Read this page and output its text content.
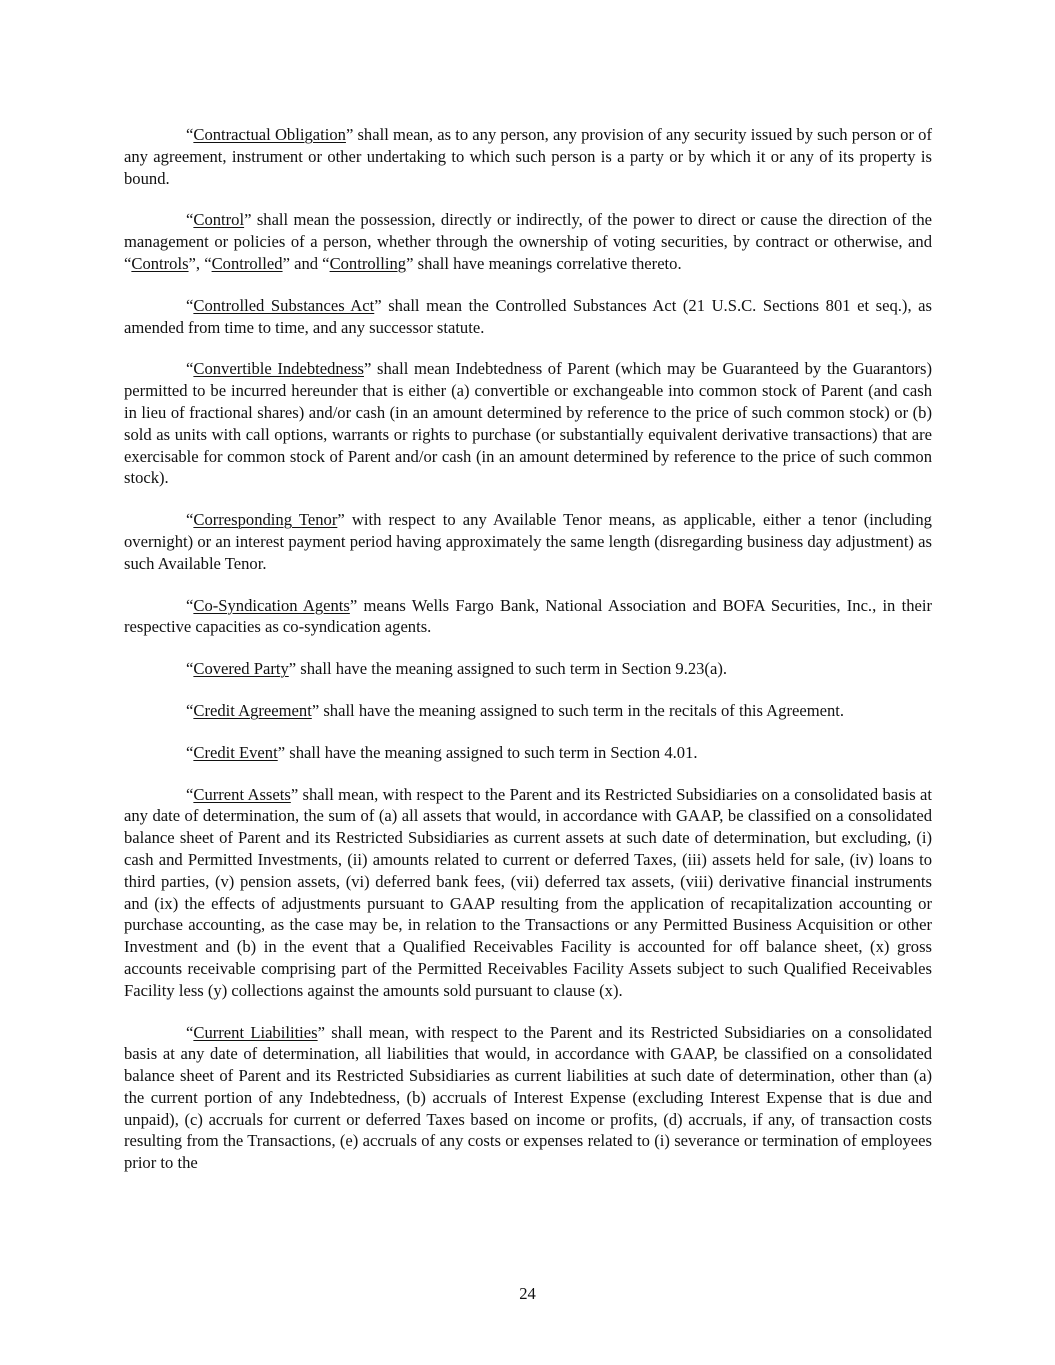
“Contractual Obligation” shall mean, as to any person, any provision of any security issued by such person or of any agreement, instrument or other undertaking to which such person is a party or by which it or any of its property is bound.

“Control” shall mean the possession, directly or indirectly, of the power to direct or cause the direction of the management or policies of a person, whether through the ownership of voting securities, by contract or otherwise, and “Controls”, “Controlled” and “Controlling” shall have meanings correlative thereto.

“Controlled Substances Act” shall mean the Controlled Substances Act (21 U.S.C. Sections 801 et seq.), as amended from time to time, and any successor statute.

“Convertible Indebtedness” shall mean Indebtedness of Parent (which may be Guaranteed by the Guarantors) permitted to be incurred hereunder that is either (a) convertible or exchangeable into common stock of Parent (and cash in lieu of fractional shares) and/or cash (in an amount determined by reference to the price of such common stock) or (b) sold as units with call options, warrants or rights to purchase (or substantially equivalent derivative transactions) that are exercisable for common stock of Parent and/or cash (in an amount determined by reference to the price of such common stock).

“Corresponding Tenor” with respect to any Available Tenor means, as applicable, either a tenor (including overnight) or an interest payment period having approximately the same length (disregarding business day adjustment) as such Available Tenor.

“Co-Syndication Agents” means Wells Fargo Bank, National Association and BOFA Securities, Inc., in their respective capacities as co-syndication agents.

“Covered Party” shall have the meaning assigned to such term in Section 9.23(a).

“Credit Agreement” shall have the meaning assigned to such term in the recitals of this Agreement.

“Credit Event” shall have the meaning assigned to such term in Section 4.01.

“Current Assets” shall mean, with respect to the Parent and its Restricted Subsidiaries on a consolidated basis at any date of determination, the sum of (a) all assets that would, in accordance with GAAP, be classified on a consolidated balance sheet of Parent and its Restricted Subsidiaries as current assets at such date of determination, but excluding, (i) cash and Permitted Investments, (ii) amounts related to current or deferred Taxes, (iii) assets held for sale, (iv) loans to third parties, (v) pension assets, (vi) deferred bank fees, (vii) deferred tax assets, (viii) derivative financial instruments and (ix) the effects of adjustments pursuant to GAAP resulting from the application of recapitalization accounting or purchase accounting, as the case may be, in relation to the Transactions or any Permitted Business Acquisition or other Investment and (b) in the event that a Qualified Receivables Facility is accounted for off balance sheet, (x) gross accounts receivable comprising part of the Permitted Receivables Facility Assets subject to such Qualified Receivables Facility less (y) collections against the amounts sold pursuant to clause (x).

“Current Liabilities” shall mean, with respect to the Parent and its Restricted Subsidiaries on a consolidated basis at any date of determination, all liabilities that would, in accordance with GAAP, be classified on a consolidated balance sheet of Parent and its Restricted Subsidiaries as current liabilities at such date of determination, other than (a) the current portion of any Indebtedness, (b) accruals of Interest Expense (excluding Interest Expense that is due and unpaid), (c) accruals for current or deferred Taxes based on income or profits, (d) accruals, if any, of transaction costs resulting from the Transactions, (e) accruals of any costs or expenses related to (i) severance or termination of employees prior to the

24
